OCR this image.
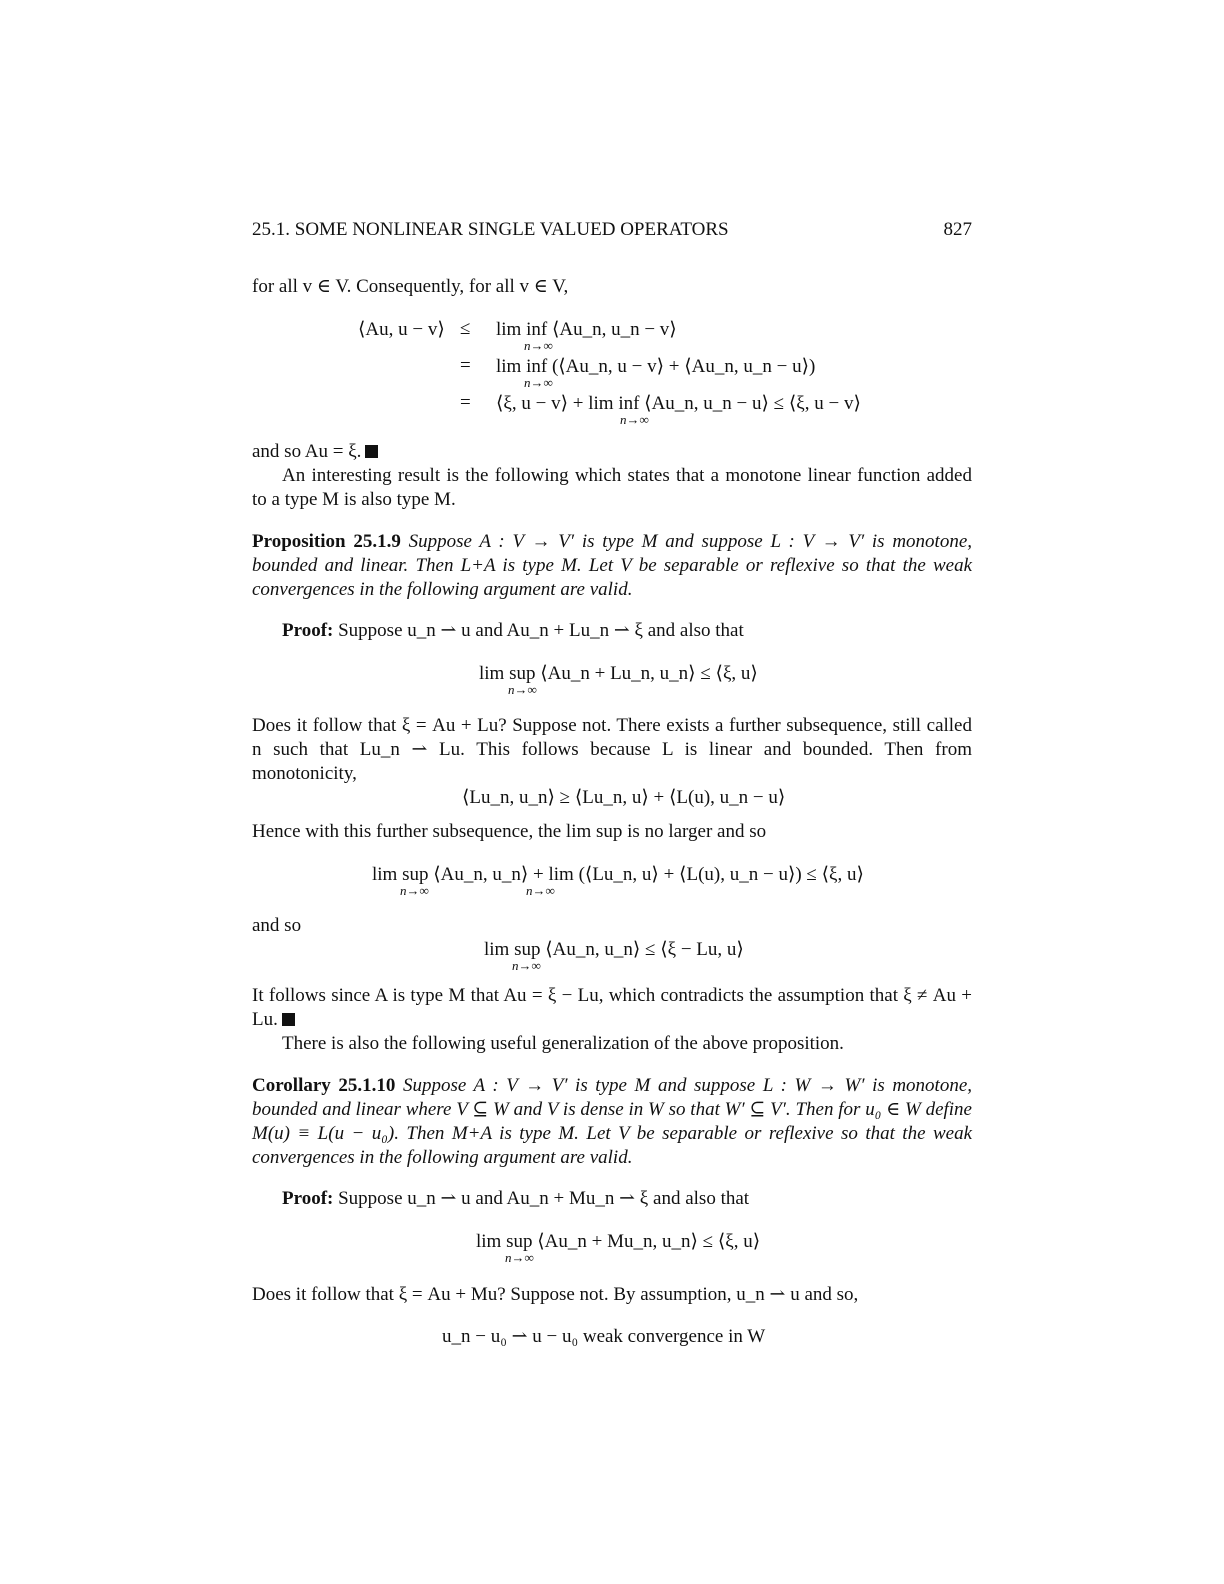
25.1. SOME NONLINEAR SINGLE VALUED OPERATORS	827
for all v ∈ V. Consequently, for all v ∈ V,
⟨Au, u − v⟩ ≤ lim inf ⟨Au_n, u_n − v⟩
n→∞
= lim inf (⟨Au_n, u − v⟩ + ⟨Au_n, u_n − u⟩)
n→∞
= ⟨ξ, u − v⟩ + lim inf ⟨Au_n, u_n − u⟩ ≤ ⟨ξ, u − v⟩
n→∞
and so Au = ξ.
An interesting result is the following which states that a monotone linear function added to a type M is also type M.
Proposition 25.1.9 Suppose A : V → V′ is type M and suppose L : V → V′ is monotone, bounded and linear. Then L+A is type M. Let V be separable or reflexive so that the weak convergences in the following argument are valid.
Proof: Suppose u_n ⇀ u and Au_n + Lu_n ⇀ ξ and also that
lim sup ⟨Au_n + Lu_n, u_n⟩ ≤ ⟨ξ, u⟩
n→∞
Does it follow that ξ = Au + Lu? Suppose not. There exists a further subsequence, still called n such that Lu_n ⇀ Lu. This follows because L is linear and bounded. Then from monotonicity,
⟨Lu_n, u_n⟩ ≥ ⟨Lu_n, u⟩ + ⟨L(u), u_n − u⟩
Hence with this further subsequence, the lim sup is no larger and so
lim sup ⟨Au_n, u_n⟩ + lim (⟨Lu_n, u⟩ + ⟨L(u), u_n − u⟩) ≤ ⟨ξ, u⟩
n→∞	n→∞
and so
lim sup ⟨Au_n, u_n⟩ ≤ ⟨ξ − Lu, u⟩
n→∞
It follows since A is type M that Au = ξ − Lu, which contradicts the assumption that ξ ≠ Au + Lu.
There is also the following useful generalization of the above proposition.
Corollary 25.1.10 Suppose A : V → V′ is type M and suppose L : W → W′ is monotone, bounded and linear where V ⊆ W and V is dense in W so that W′ ⊆ V′. Then for u₀ ∈ W define M(u) ≡ L(u − u₀). Then M+A is type M. Let V be separable or reflexive so that the weak convergences in the following argument are valid.
Proof: Suppose u_n ⇀ u and Au_n + Mu_n ⇀ ξ and also that
lim sup ⟨Au_n + Mu_n, u_n⟩ ≤ ⟨ξ, u⟩
n→∞
Does it follow that ξ = Au + Mu? Suppose not. By assumption, u_n ⇀ u and so,
u_n − u₀ ⇀ u − u₀ weak convergence in W
